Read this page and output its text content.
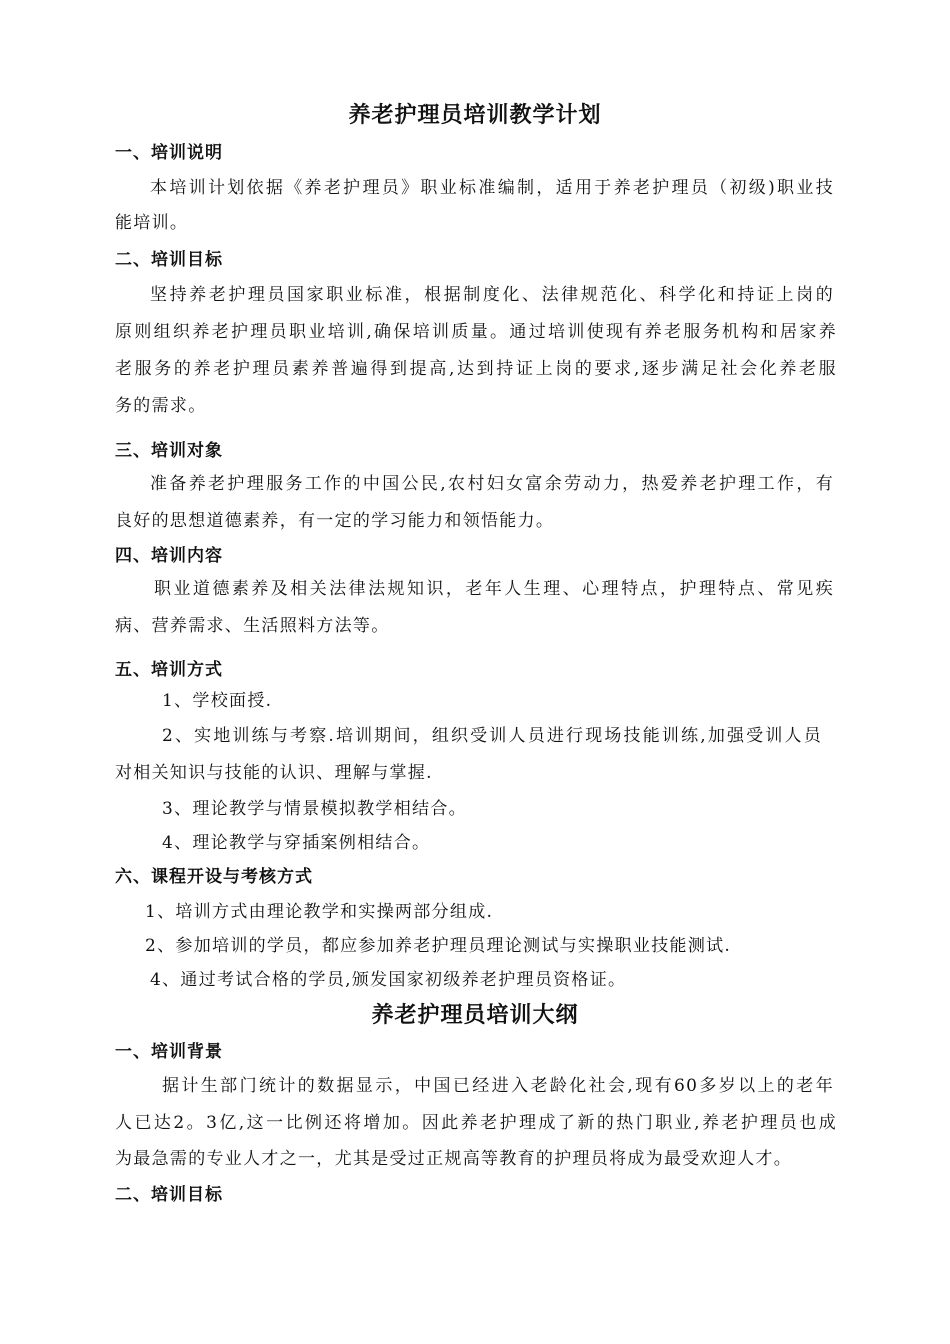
养老护理员培训教学计划
一、培训说明
本培训计划依据《养老护理员》职业标准编制，适用于养老护理员（初级)职业技
能培训。
二、培训目标
坚持养老护理员国家职业标准，根据制度化、法律规范化、科学化和持证上岗的
原则组织养老护理员职业培训,确保培训质量。通过培训使现有养老服务机构和居家养
老服务的养老护理员素养普遍得到提高,达到持证上岗的要求,逐步满足社会化养老服
务的需求。
三、培训对象
准备养老护理服务工作的中国公民,农村妇女富余劳动力，热爱养老护理工作，有
良好的思想道德素养，有一定的学习能力和领悟能力。
四、培训内容
职业道德素养及相关法律法规知识，老年人生理、心理特点，护理特点、常见疾
病、营养需求、生活照料方法等。
五、培训方式
1、学校面授.
2、实地训练与考察.培训期间，组织受训人员进行现场技能训练,加强受训人员
对相关知识与技能的认识、理解与掌握.
3、理论教学与情景模拟教学相结合。
4、理论教学与穿插案例相结合。
六、课程开设与考核方式
1、培训方式由理论教学和实操两部分组成.
2、参加培训的学员，都应参加养老护理员理论测试与实操职业技能测试.
4、通过考试合格的学员,颁发国家初级养老护理员资格证。
养老护理员培训大纲
一、培训背景
据计生部门统计的数据显示，中国已经进入老龄化社会,现有60多岁以上的老年
人已达2。3亿,这一比例还将增加。因此养老护理成了新的热门职业,养老护理员也成
为最急需的专业人才之一，尤其是受过正规高等教育的护理员将成为最受欢迎人才。
二、培训目标
